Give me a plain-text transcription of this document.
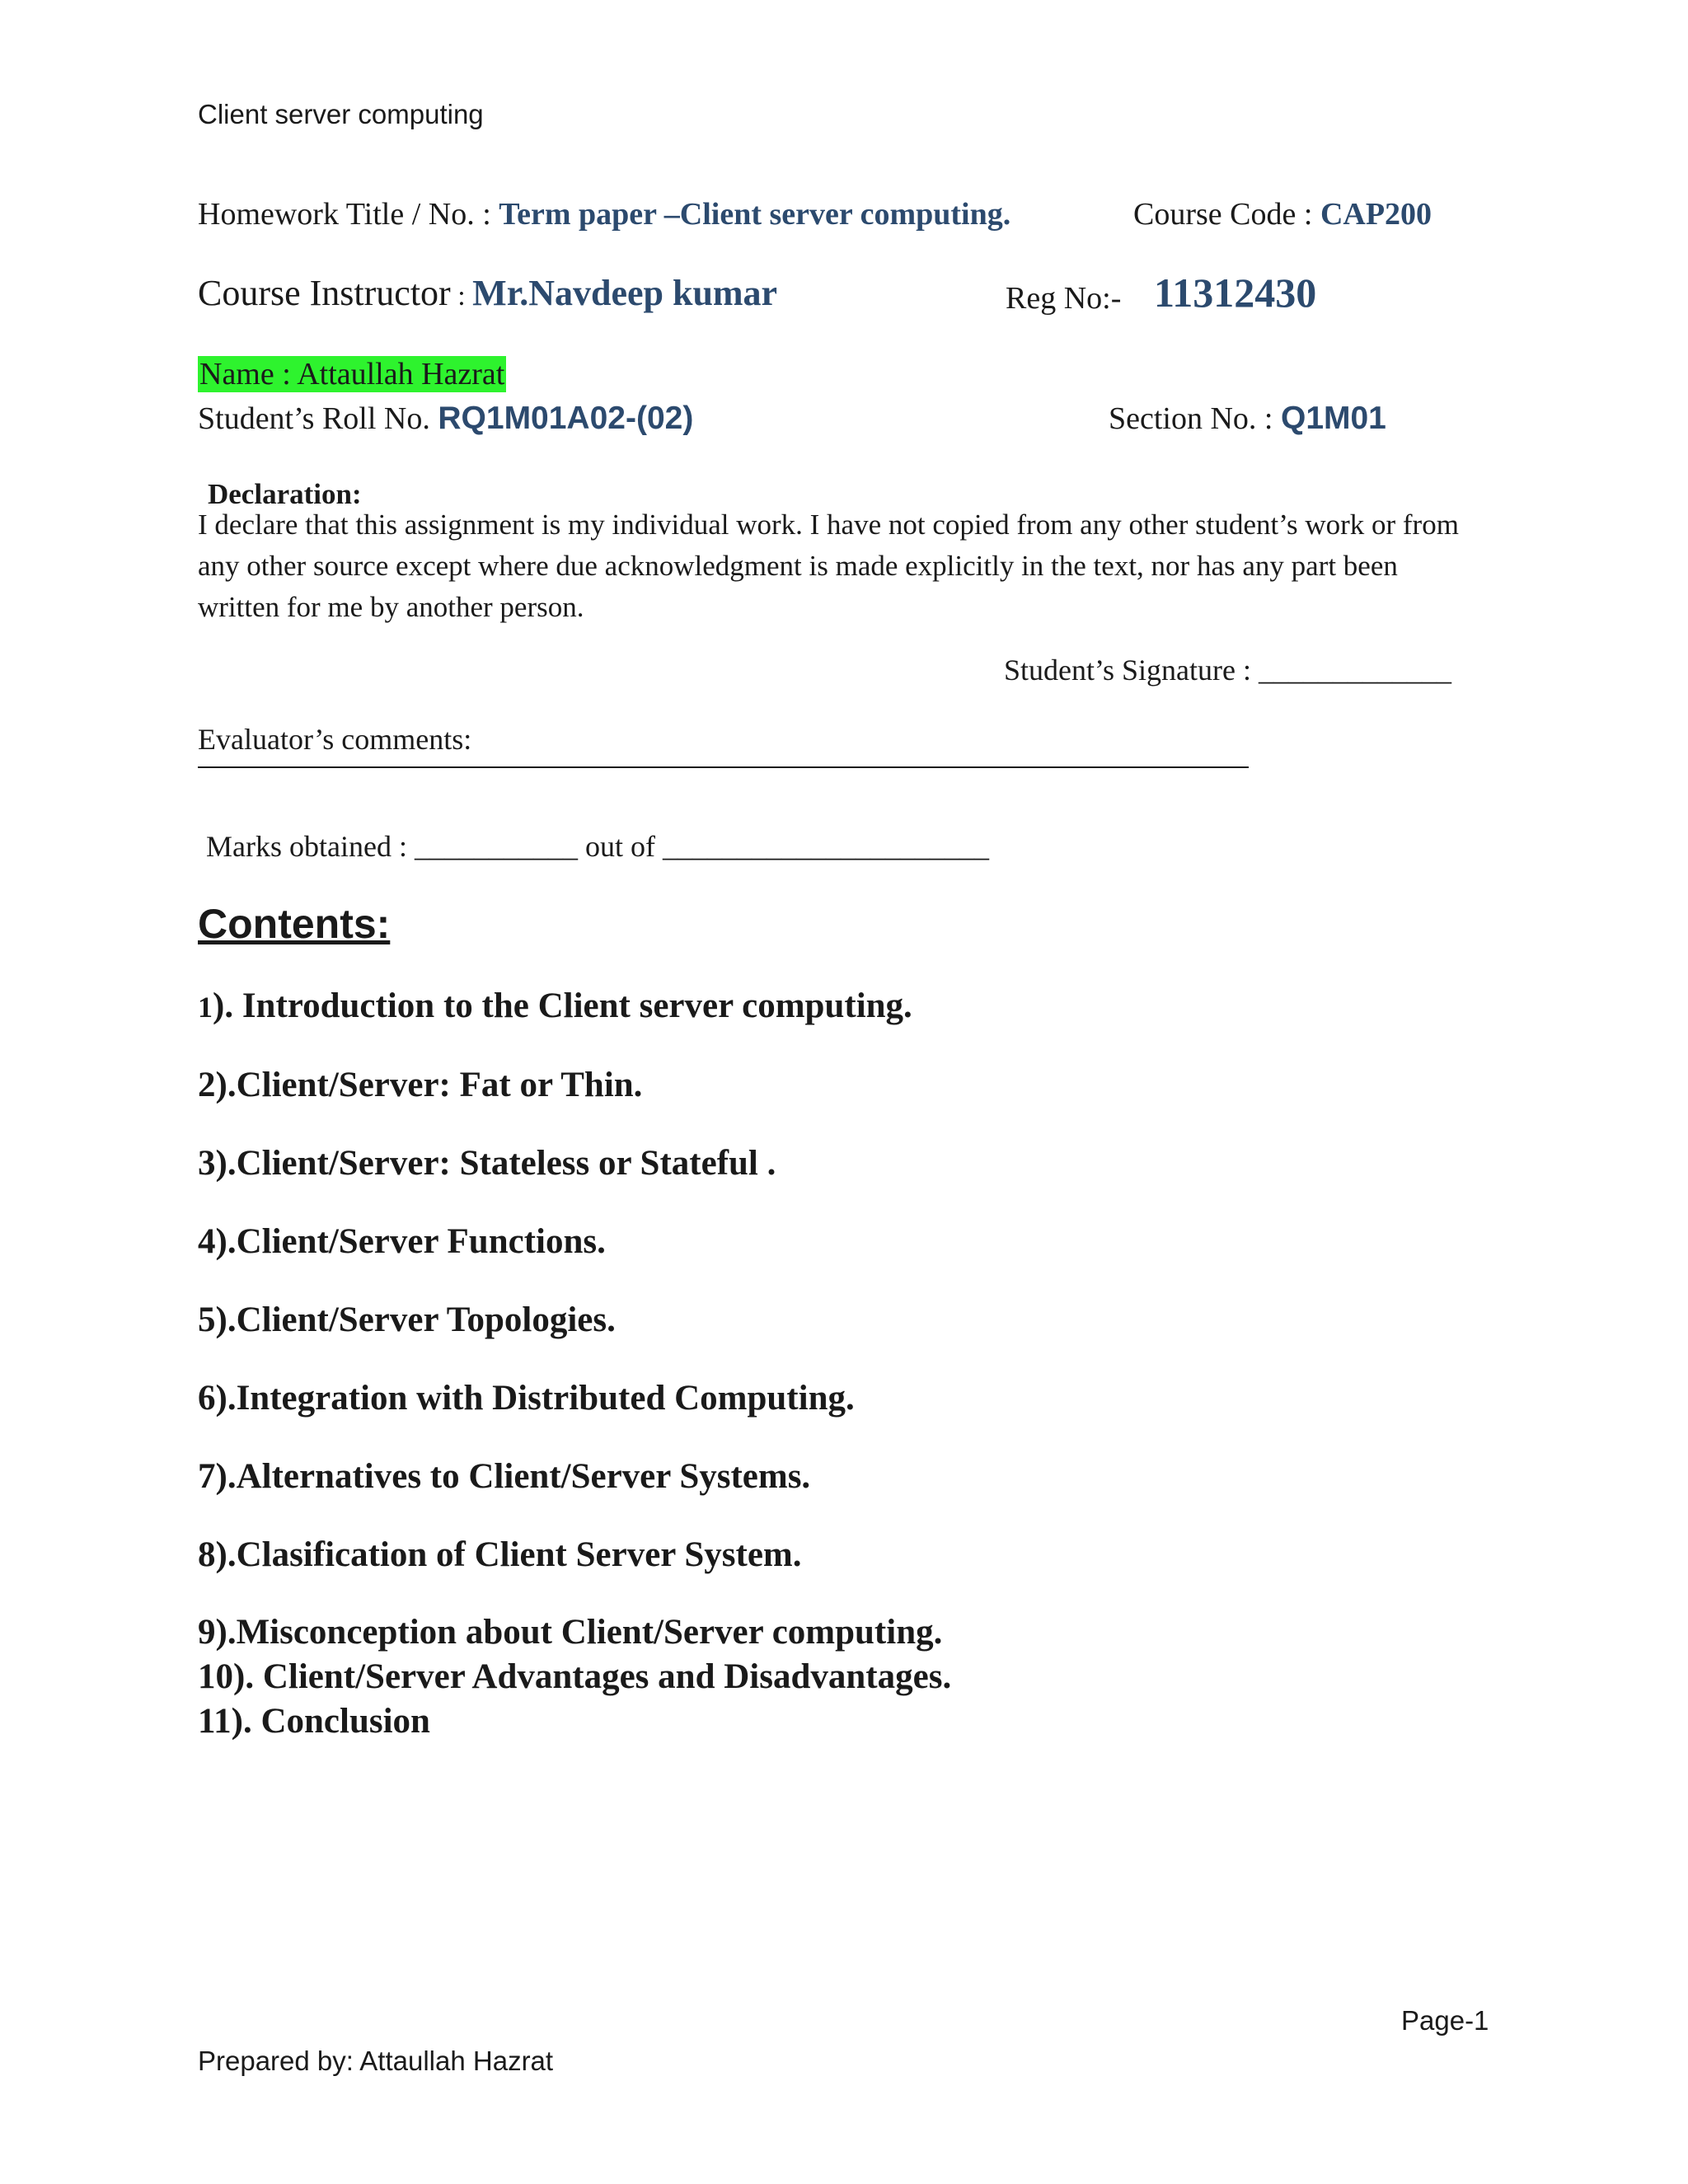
Client server computing
Homework Title / No. : Term paper –Client server computing.	Course Code : CAP200
Course Instructor : Mr.Navdeep kumar	Reg No:- 11312430
Name : Attaullah Hazrat
Student’s Roll No. RQ1M01A02-(02)	Section No. : Q1M01
Declaration:
I declare that this assignment is my individual work. I have not copied from any other student’s work or from any other source except where due acknowledgment is made explicitly in the text, nor has any part been written for me by another person.
Student’s Signature : _____________
Evaluator’s comments:
Marks obtained : ___________ out of ______________________
Contents:
1). Introduction to the Client server computing.
2).Client/Server: Fat or Thin.
3).Client/Server: Stateless or Stateful .
4).Client/Server Functions.
5).Client/Server Topologies.
6).Integration with Distributed Computing.
7).Alternatives to Client/Server Systems.
8).Clasification of Client Server System.
9).Misconception about Client/Server computing.
10). Client/Server Advantages and Disadvantages.
11). Conclusion
Page-1
Prepared by: Attaullah Hazrat
